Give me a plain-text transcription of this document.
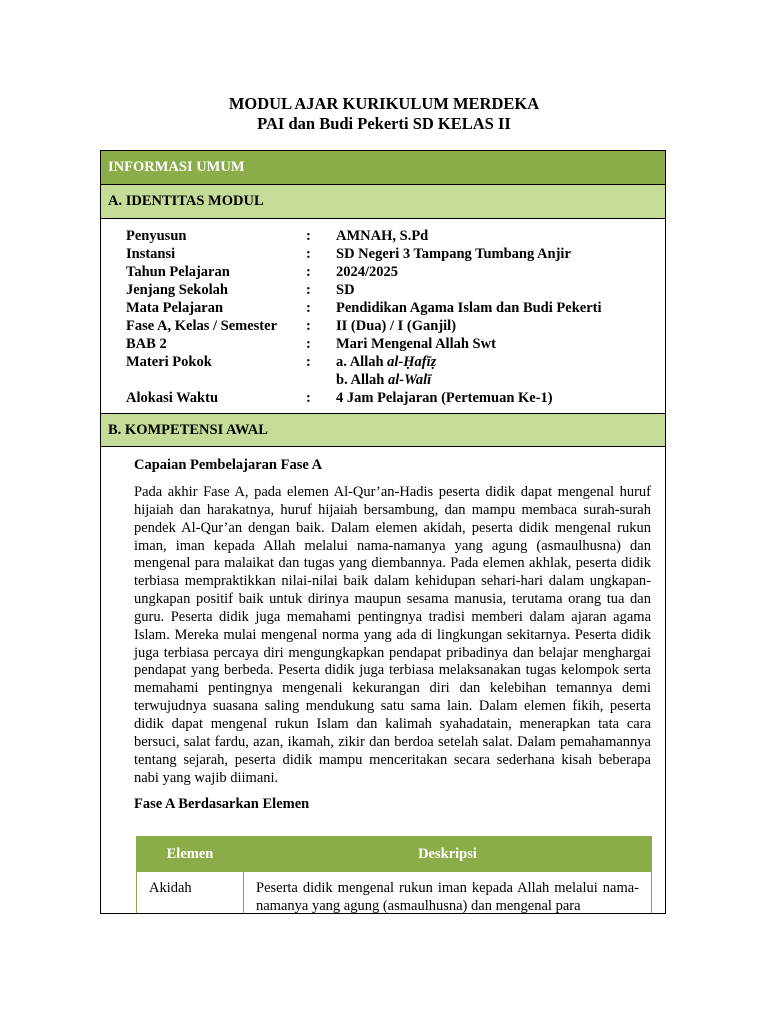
MODUL AJAR KURIKULUM MERDEKA
PAI dan Budi Pekerti SD KELAS II
INFORMASI UMUM
A. IDENTITAS MODUL
Penyusun	:	AMNAH, S.Pd
Instansi	:	SD Negeri 3 Tampang Tumbang Anjir
Tahun Pelajaran	:	2024/2025
Jenjang Sekolah	:	SD
Mata Pelajaran	:	Pendidikan Agama Islam dan Budi Pekerti
Fase A, Kelas / Semester	:	II (Dua) / I (Ganjil)
BAB 2	:	Mari Mengenal Allah Swt
Materi Pokok	:	a. Allah al-Ḥafīẓ
b. Allah al-Walī
Alokasi Waktu	:	4 Jam Pelajaran (Pertemuan Ke-1)
B. KOMPETENSI AWAL

Capaian Pembelajaran Fase A

Pada akhir Fase A, pada elemen Al-Qur’an-Hadis peserta didik dapat mengenal huruf hijaiah dan harakatnya, huruf hijaiah bersambung, dan mampu membaca surah-surah pendek Al-Qur’an dengan baik. Dalam elemen akidah, peserta didik mengenal rukun iman, iman kepada Allah melalui nama-namanya yang agung (asmaulhusna) dan mengenal para malaikat dan tugas yang diembannya. Pada elemen akhlak, peserta didik terbiasa mempraktikkan nilai-nilai baik dalam kehidupan sehari-hari dalam ungkapan-ungkapan positif baik untuk dirinya maupun sesama manusia, terutama orang tua dan guru. Peserta didik juga memahami pentingnya tradisi memberi dalam ajaran agama Islam. Mereka mulai mengenal norma yang ada di lingkungan sekitarnya. Peserta didik juga terbiasa percaya diri mengungkapkan pendapat pribadinya dan belajar menghargai pendapat yang berbeda. Peserta didik juga terbiasa melaksanakan tugas kelompok serta memahami pentingnya mengenali kekurangan diri dan kelebihan temannya demi terwujudnya suasana saling mendukung satu sama lain. Dalam elemen fikih, peserta didik dapat mengenal rukun Islam dan kalimah syahadatain, menerapkan tata cara bersuci, salat fardu, azan, ikamah, zikir dan berdoa setelah salat. Dalam pemahamannya tentang sejarah, peserta didik mampu menceritakan secara sederhana kisah beberapa nabi yang wajib diimani.

Fase A Berdasarkan Elemen

Elemen	Deskripsi
Akidah	Peserta didik mengenal rukun iman kepada Allah melalui nama-namanya yang agung (asmaulhusna) dan mengenal para
